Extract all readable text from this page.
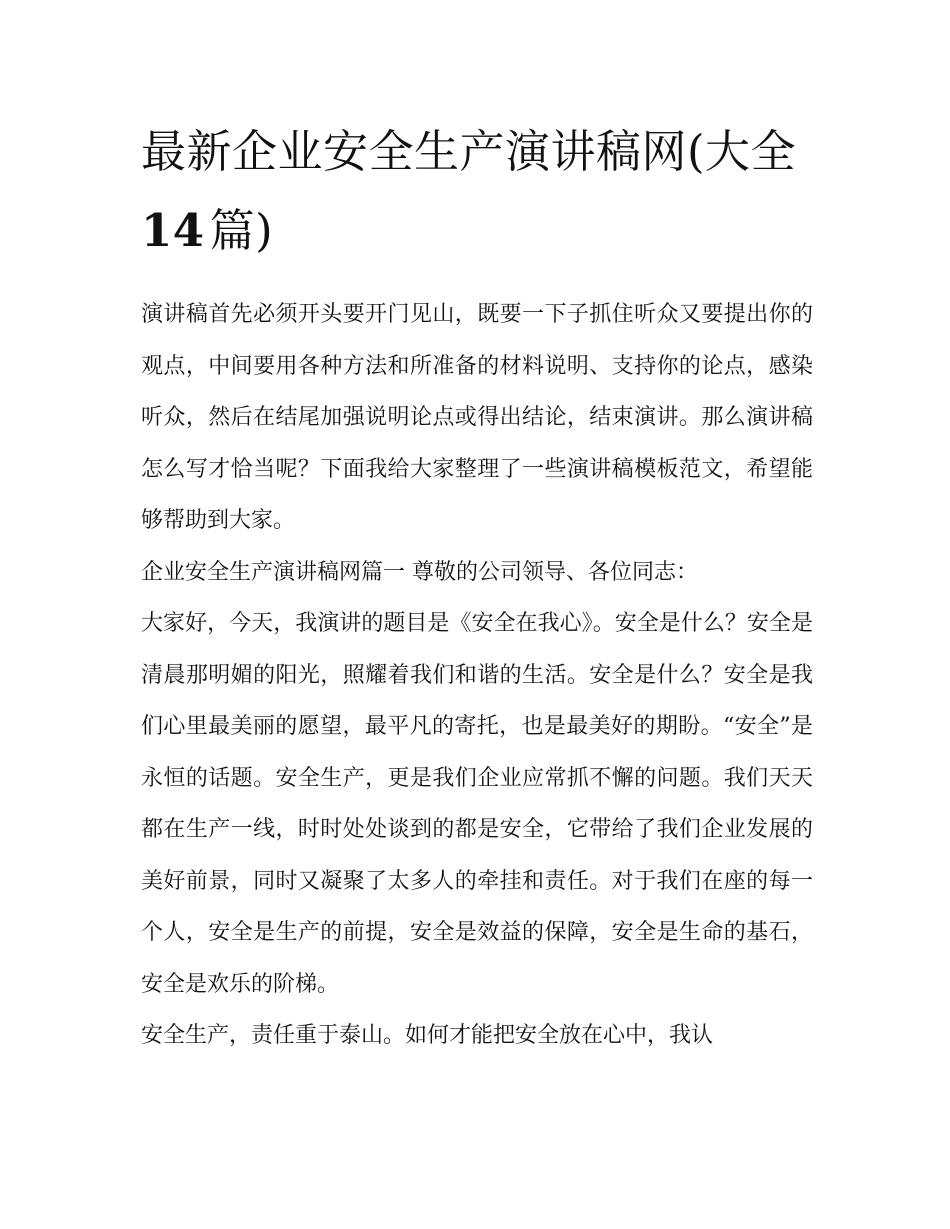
最新企业安全生产演讲稿网(大全14  篇)

演讲稿首先必须开头要开门见山，既要一下子抓住听众又要提出你的观点，中间要用各种方法和所准备的材料说明、支持你的论点，感染听众，然后在结尾加强说明论点或得出结论，结束演讲。那么演讲稿怎么写才恰当呢？下面我给大家整理了一些演讲稿模板范文，希望能够帮助到大家。

企业安全生产演讲稿网篇一 尊敬的公司领导、各位同志：

大家好，今天，我演讲的题目是《安全在我心》。安全是什么？安全是清晨那明媚的阳光，照耀着我们和谐的生活。安全是什么？安全是我们心里最美丽的愿望，最平凡的寄托，也是最美好的期盼。“安全”是永恒的话题。安全生产，更是我们企业应常抓不懈的问题。我们天天都在生产一线，时时处处谈到的都是安全，它带给了我们企业发展的美好前景，同时又凝聚了太多人的牵挂和责任。对于我们在座的每一个人，安全是生产的前提，安全是效益的保障，安全是生命的基石，安全是欢乐的阶梯。

安全生产，责任重于泰山。如何才能把安全放在心中，我认
